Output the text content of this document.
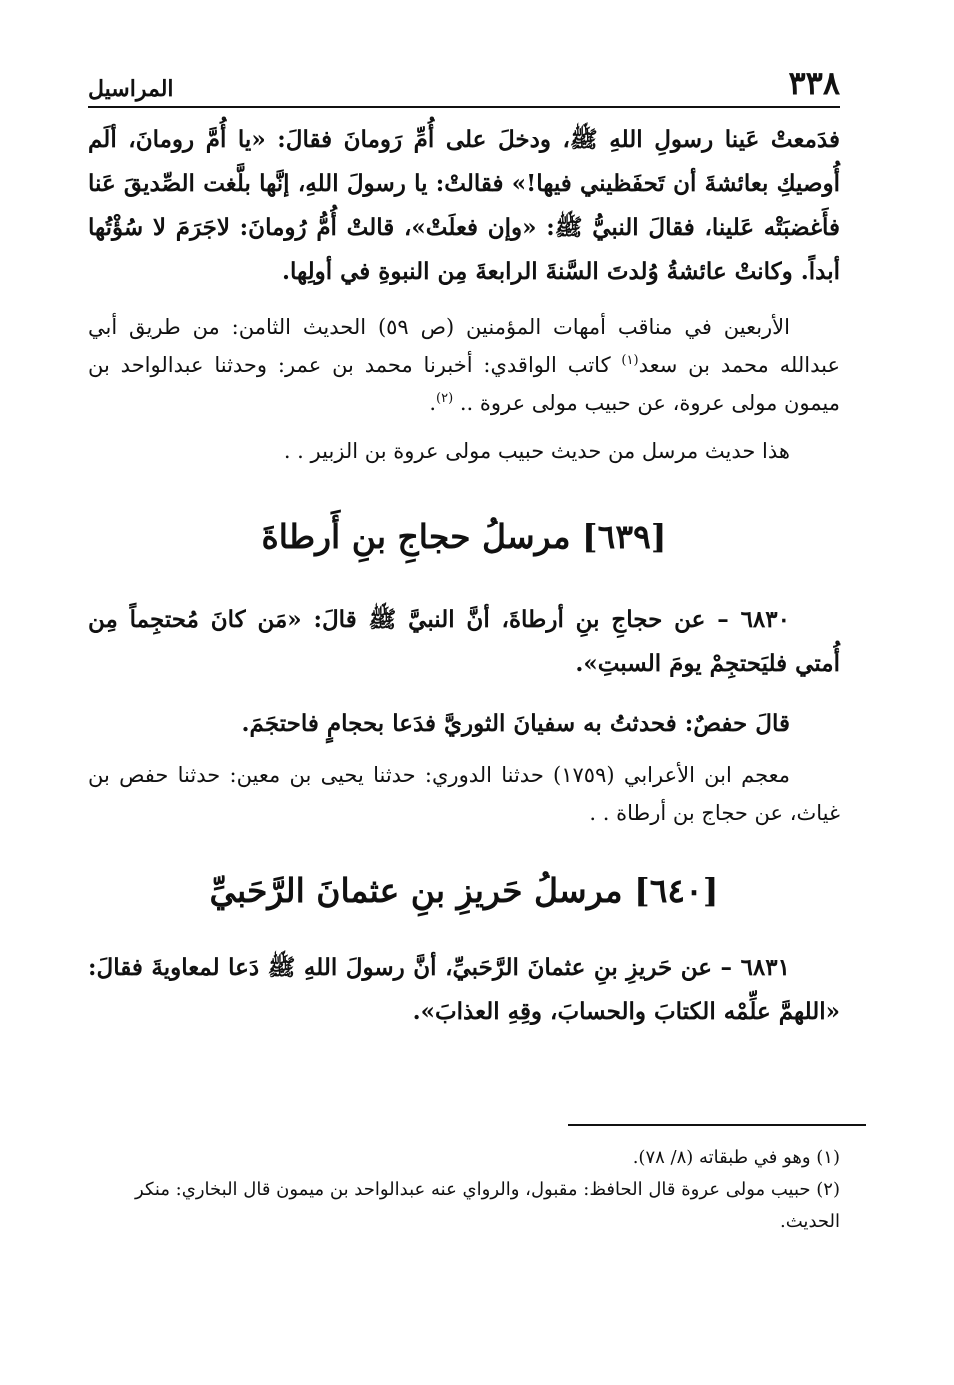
٣٣٨
المراسيل

فدَمعتْ عَينا رسولِ اللهِ ﷺ، ودخلَ على أُمِّ رَومانَ فقالَ: «يا أُمَّ رومانَ، ألَم أُوصيكِ بعائشةَ أن تَحفَظيني فيها!» فقالتْ: يا رسولَ اللهِ، إنَّها بلَّغت الصِّديقَ عَنا فأَغضبَتْه عَلينا، فقالَ النبيُّ ﷺ: «وإن فعلَتْ»، قالتْ أُمُّ رُومانَ: لاجَرَمَ لا سُؤْتُها أبداً. وكانتْ عائشةُ وُلدتَ السَّنةَ الرابعةَ مِن النبوةِ في أولِها.

الأربعين في مناقب أمهات المؤمنين (ص ٥٩) الحديث الثامن: من طريق أبي عبدالله محمد بن سعد$^{(١)}$ كاتب الواقدي: أخبرنا محمد بن عمر: وحدثنا عبدالواحد بن ميمون مولى عروة، عن حبيب مولى عروة .. $^{(٢)}$.

هذا حديث مرسل من حديث حبيب مولى عروة بن الزبير . .

[٦٣٩] مرسلُ حجاجِ بنِ أَرطاةَ

٦٨٣٠ – عن حجاجِ بنِ أرطاةَ، أنَّ النبيَّ ﷺ قالَ: «مَن كانَ مُحتجِماً مِن أُمتي فليَحتجِمْ يومَ السبتِ».

قالَ حفصٌ: فحدثتُ به سفيانَ الثوريَّ فدَعا بحجامٍ فاحتجَمَ.

معجم ابن الأعرابي (١٧٥٩) حدثنا الدوري: حدثنا يحيى بن معين: حدثنا حفص بن غياث، عن حجاج بن أرطاة . .

[٦٤٠] مرسلُ حَريزِ بنِ عثمانَ الرَّحَبيِّ

٦٨٣١ – عن حَريزِ بنِ عثمانَ الرَّحَبيِّ، أنَّ رسولَ اللهِ ﷺ دَعا لمعاويةَ فقالَ: «اللهمَّ علِّمْه الكتابَ والحسابَ، وقِهِ العذابَ».

(١) وهو في طبقاته (٨/ ٧٨).

(٢) حبيب مولى عروة قال الحافظ: مقبول، والرواي عنه عبدالواحد بن ميمون قال البخاري: منكر الحديث.
